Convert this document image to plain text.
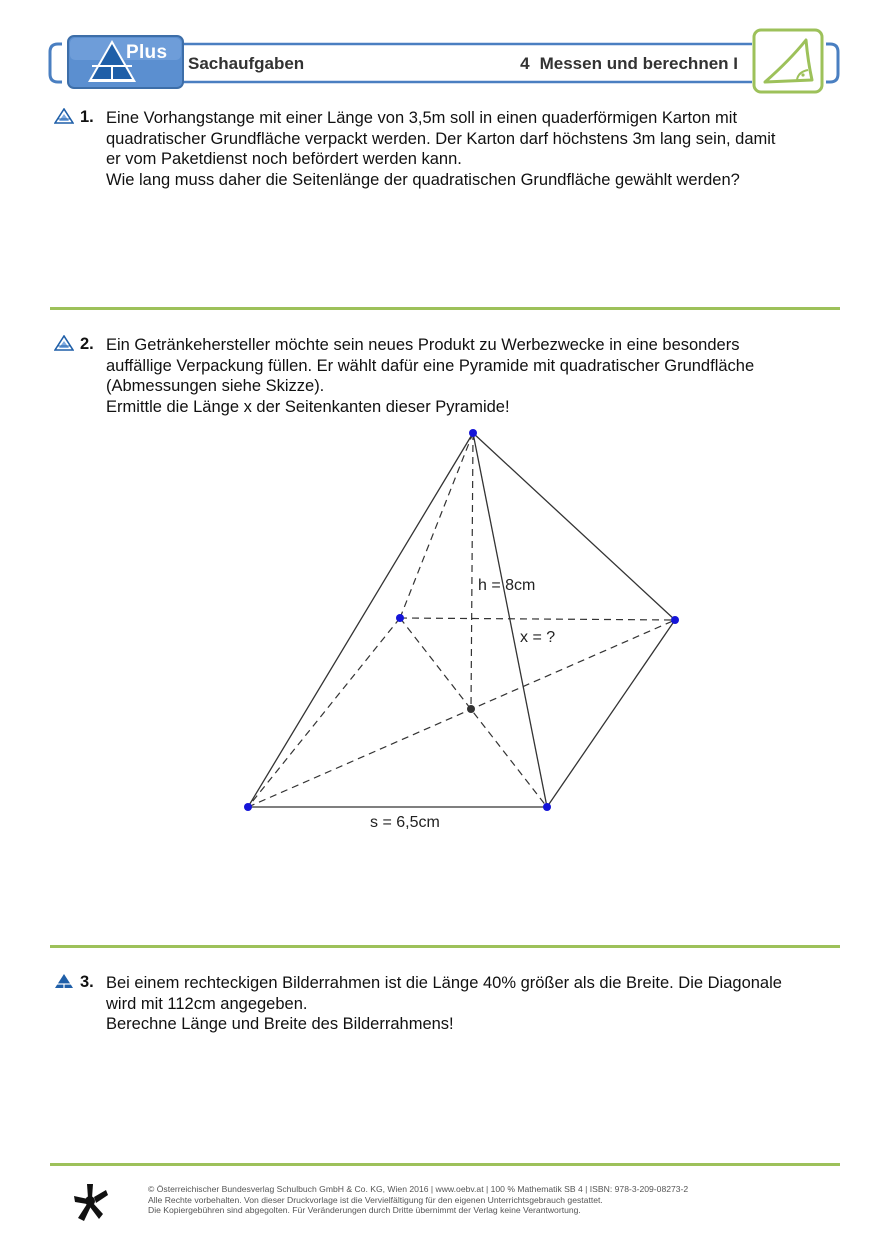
Plus
Sachaufgaben	4 Messen und berechnen I
1. Eine Vorhangstange mit einer Länge von 3,5m soll in einen quaderförmigen Karton mit
quadratischer Grundfläche verpackt werden. Der Karton darf höchstens 3m lang sein, damit
er vom Paketdienst noch befördert werden kann.
Wie lang muss daher die Seitenlänge der quadratischen Grundfläche gewählt werden?
2. Ein Getränkehersteller möchte sein neues Produkt zu Werbezwecke in eine besonders
auffällige Verpackung füllen. Er wählt dafür eine Pyramide mit quadratischer Grundfläche
(Abmessungen siehe Skizze).
Ermittle die Länge x der Seitenkanten dieser Pyramide!
h = 8cm
x = ?
s = 6,5cm
3. Bei einem rechteckigen Bilderrahmen ist die Länge 40% größer als die Breite. Die Diagonale
wird mit 112cm angegeben.
Berechne Länge und Breite des Bilderrahmens!
© Österreichischer Bundesverlag Schulbuch GmbH & Co. KG, Wien 2016 | www.oebv.at | 100 % Mathematik SB 4 | ISBN: 978-3-209-08273-2
Alle Rechte vorbehalten. Von dieser Druckvorlage ist die Vervielfältigung für den eigenen Unterrichtsgebrauch gestattet.
Die Kopiergebühren sind abgegolten. Für Veränderungen durch Dritte übernimmt der Verlag keine Verantwortung.
